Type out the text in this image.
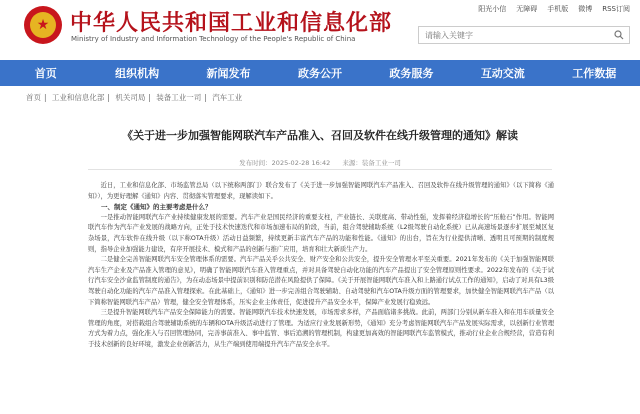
★ 中华人民共和国工业和信息化部
Ministry of Industry and Information Technology of the People's Republic of China
阳光小信 无障碍 手机版 微博 RSS订阅
请输入关键字
首页	组织机构	新闻发布	政务公开	政务服务	互动交流	工作数据
首页 | 工业和信息化部 | 机关司局 | 装备工业一司 | 汽车工业
《关于进一步加强智能网联汽车产品准入、召回及软件在线升级管理的通知》解读
发布时间：2025-02-28 16:42 来源：装备工业一司

近日，工业和信息化部、市场监管总局（以下统称两部门）联合发布了《关于进一步加强智能网联汽车产品准入、召回及软件在线升级管理的通知》（以下简称《通知》），为更好理解《通知》内容、贯彻落实管理要求，现解读如下。

一、制定《通知》的主要考虑是什么？

一是推动智能网联汽车产业持续健康发展的需要。汽车产业是国民经济的重要支柱，产业链长、关联度高、带动性强，发挥着经济稳增长的“压舱石”作用。智能网联汽车作为汽车产业发展的战略方向，正处于技术快速迭代和市场加速布局的阶段，当前，组合驾驶辅助系统（L2级驾驶自动化系统）已从高速场景逐步扩展至城区复杂场景，汽车软件在线升级（以下称OTA升级）活动日益频繁，持续更新丰富汽车产品的功能和性能。《通知》的出台，旨在为行业提供清晰、透明且可预期的制度规则，指导企业加强能力建设，有序开展技术、模式和产品的创新与推广应用，培育和壮大新质生产力。

二是健全完善智能网联汽车安全管理体系的需要。汽车产品关乎公共安全、财产安全和公共安全，提升安全管理水平至关重要。2021年发布的《关于加强智能网联汽车生产企业及产品准入管理的意见》，明确了智能网联汽车准入管理重点，并对具备驾驶自动化功能的汽车产品提出了安全管理原则性要求。2022年发布的《关于试行汽车安全沙盒监管制度的通告》，为在动态场景中提前识别和防范潜在风险提供了保障。《关于开展智能网联汽车准入和上路通行试点工作的通知》，启动了对具有L3级驾驶自动化功能的汽车产品准入管理探索。在此基础上，《通知》进一步完善组合驾驶辅助、自动驾驶和汽车OTA升级方面的管理要求，加快健全智能网联汽车产品（以下简称智能网联汽车产品）管理，健全安全管理体系，压实企业主体责任，促进提升产品安全水平，保障产业发展行稳致远。

三是提升智能网联汽车产品安全保障能力的需要。智能网联汽车技术快速发展，市场需求多样，产品面临诸多挑战。此前，两部门分别从新车准入和在用车质量安全管理的角度，对搭载组合驾驶辅助系统的车辆和OTA升级活动进行了管理。为适应行业发展新形势，《通知》充分考虑智能网联汽车产品发展实际需求，以创新行业管理方式为着力点，强化准入与召回管理协同，完善事前准入、事中监管、事后追溯的管理机制，构建更加高效的智能网联汽车监管模式，推动行业企业合规经营，营造有利于技术创新的良好环境，激发企业创新活力，从生产端到使用端提升汽车产品安全水平。
